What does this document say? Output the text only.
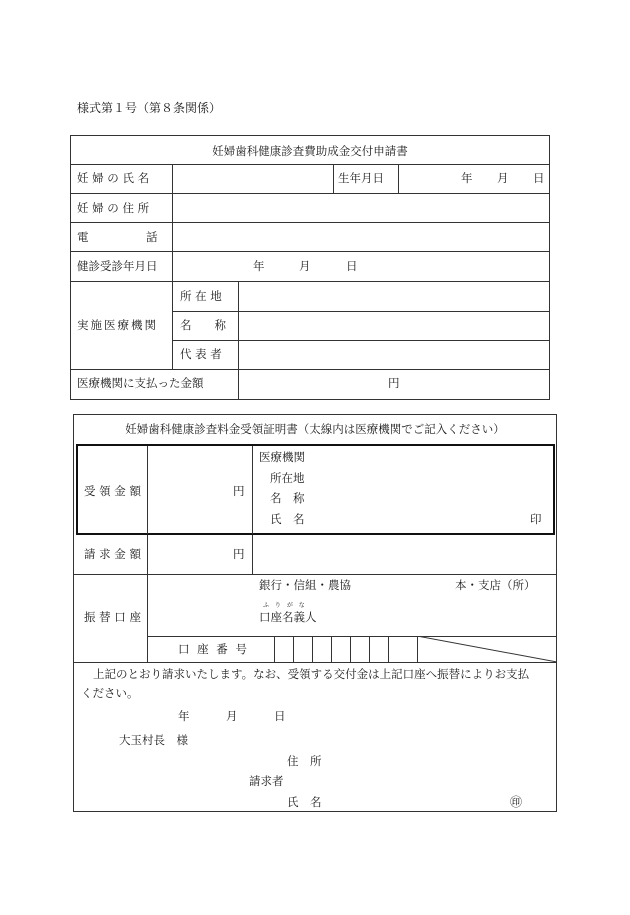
様式第１号（第８条関係）
妊婦歯科健康診査費助成金交付申請書
妊 婦 の 氏 名	生年月日	年 月 日
妊 婦 の 住 所
電　　　　　話
健診受診年月日	年	月	日
実施医療機関
所 在 地
名　　称
代 表 者
医療機関に支払った金額	円
妊婦歯科健康診査料金受領証明書（太線内は医療機関でご記入ください）
受 領 金 額	円
医療機関
所在地
名　称
氏　名	印
請 求 金 額	円
振 替 口 座
銀行・信組・農協	本・支店（所）
ふ り が な
口座名義人
口 座 番 号
上記のとおり請求いたします。なお、受領する交付金は上記口座へ振替によりお支払
ください。
年	月	日
大玉村長　様
住　所
請求者
氏　名	㊞
